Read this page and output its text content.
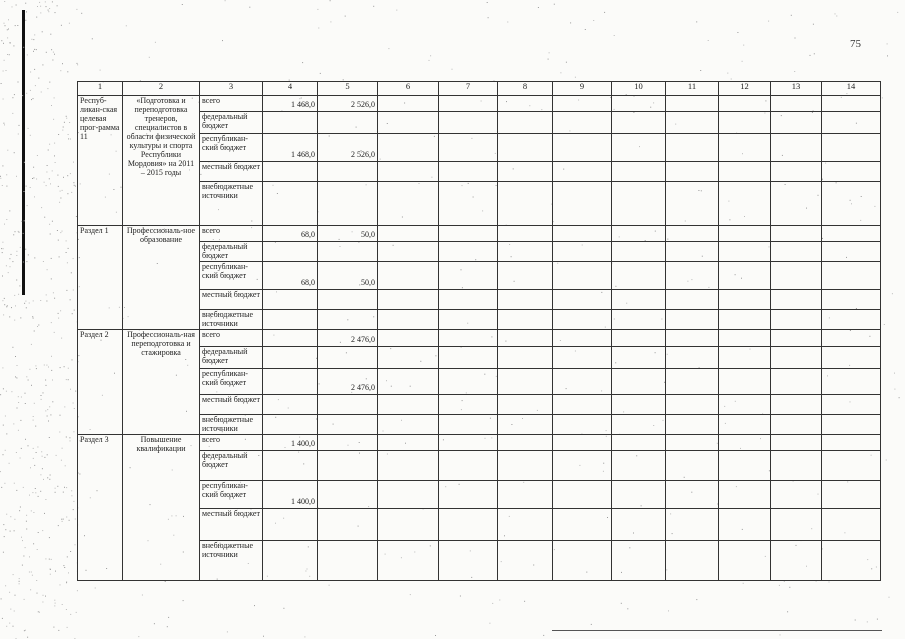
75
1	2	3	4	5	6	7	8	9	10	11	12	13	14
Респуб-ликан-ская целевая прог-рамма 11	«Подготовка и переподготовка тренеров, специалистов в области физической культуры и спорта Республики Мордовия» на 2011 – 2015 годы	всего	1 468,0	2 526,0									
		федеральный бюджет											
		республикан-ский бюджет	1 468,0	2 526,0									
		местный бюджет											
		внебюджетные источники											
Раздел 1	Профессиональ-ное образование	всего	68,0	50,0									
		федеральный бюджет											
		республикан-ский бюджет	68,0	50,0									
		местный бюджет											
		внебюджетные источники											
Раздел 2	Профессиональ-ная переподготовка и стажировка	всего		2 476,0									
		федеральный бюджет											
		республикан-ский бюджет		2 476,0									
		местный бюджет											
		внебюджетные источники											
Раздел 3	Повышение квалификации	всего	1 400,0										
		федеральный бюджет											
		республикан-ский бюджет	1 400,0										
		местный бюджет											
		внебюджетные источники											
